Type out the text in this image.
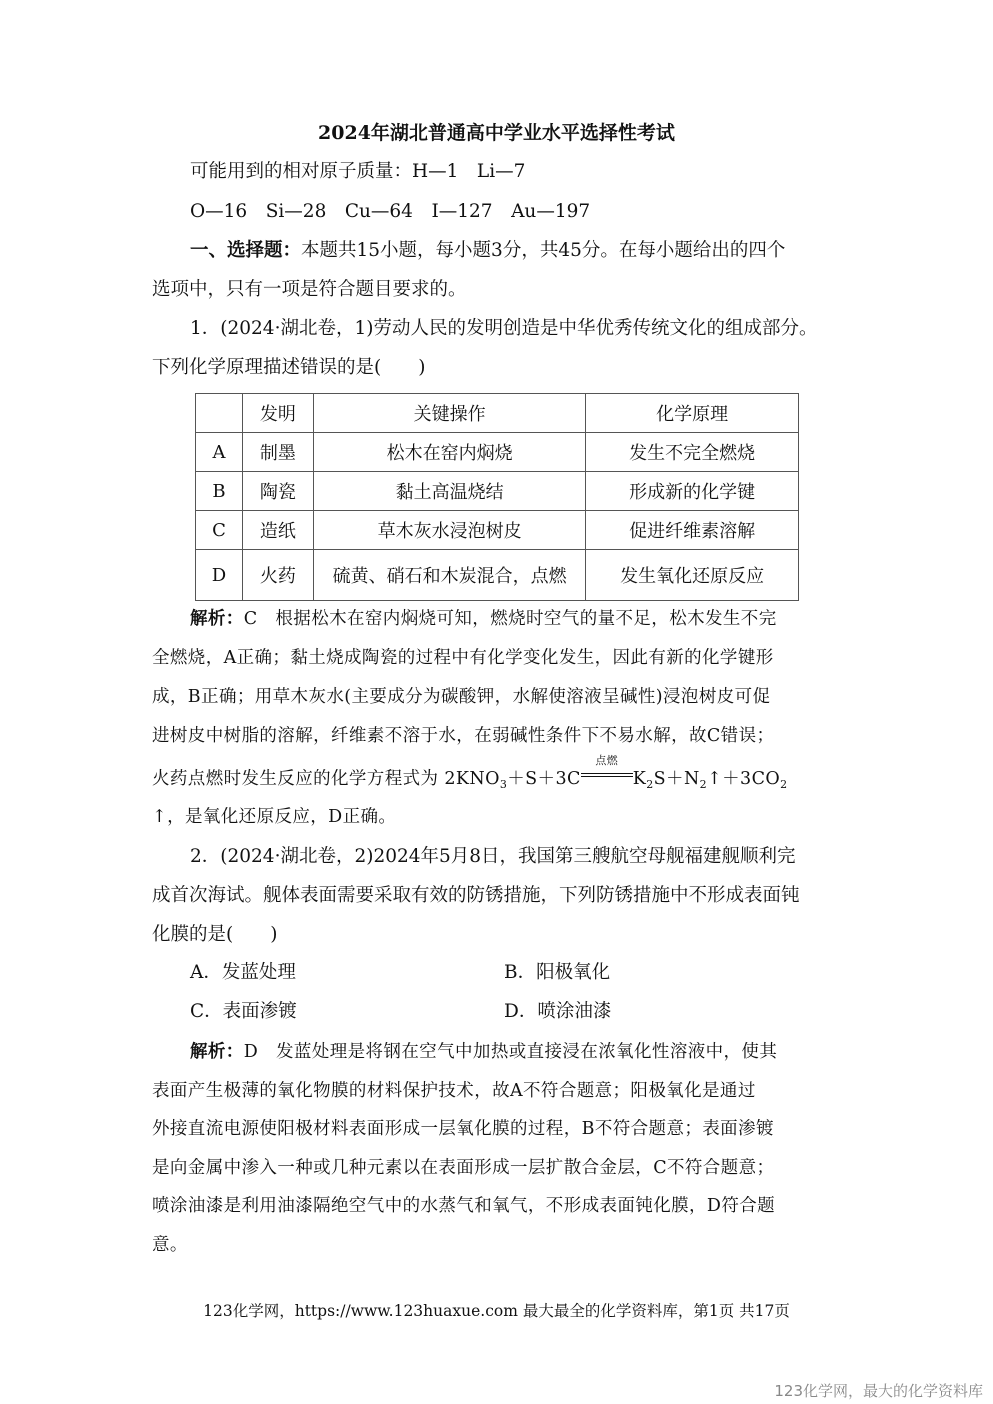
2024年湖北普通高中学业水平选择性考试
可能用到的相对原子质量：H—1　Li—7
O—16　Si—28　Cu—64　I—127　Au—197
一、选择题：本题共15小题，每小题3分，共45分。在每小题给出的四个
选项中，只有一项是符合题目要求的。
1．(2024·湖北卷，1)劳动人民的发明创造是中华优秀传统文化的组成部分。
下列化学原理描述错误的是(　　)
	发明	关键操作	化学原理
A	制墨	松木在窑内焖烧	发生不完全燃烧
B	陶瓷	黏土高温烧结	形成新的化学键
C	造纸	草木灰水浸泡树皮	促进纤维素溶解
D	火药	硫黄、硝石和木炭混合，点燃	发生氧化还原反应
解析：C　根据松木在窑内焖烧可知，燃烧时空气的量不足，松木发生不完
全燃烧，A正确；黏土烧成陶瓷的过程中有化学变化发生，因此有新的化学键形
成，B正确；用草木灰水(主要成分为碳酸钾，水解使溶液呈碱性)浸泡树皮可促
进树皮中树脂的溶解，纤维素不溶于水，在弱碱性条件下不易水解，故C错误；
火药点燃时发生反应的化学方程式为 $2KNO_3+S+3C$
点燃
$K_2S+N_2↑+3CO_2$
↑，是氧化还原反应，D正确。
2．(2024·湖北卷，2)2024年5月8日，我国第三艘航空母舰福建舰顺利完
成首次海试。舰体表面需要采取有效的防锈措施，下列防锈措施中不形成表面钝
化膜的是(　　)
A．发蓝处理	B．阳极氧化
C．表面渗镀	D．喷涂油漆
解析：D　发蓝处理是将钢在空气中加热或直接浸在浓氧化性溶液中，使其
表面产生极薄的氧化物膜的材料保护技术，故A不符合题意；阳极氧化是通过
外接直流电源使阳极材料表面形成一层氧化膜的过程，B不符合题意；表面渗镀
是向金属中渗入一种或几种元素以在表面形成一层扩散合金层，C不符合题意；
喷涂油漆是利用油漆隔绝空气中的水蒸气和氧气，不形成表面钝化膜，D符合题
意。
123化学网，https://www.123huaxue.com 最大最全的化学资料库，第1页 共17页
123化学网，最大的化学资料库
